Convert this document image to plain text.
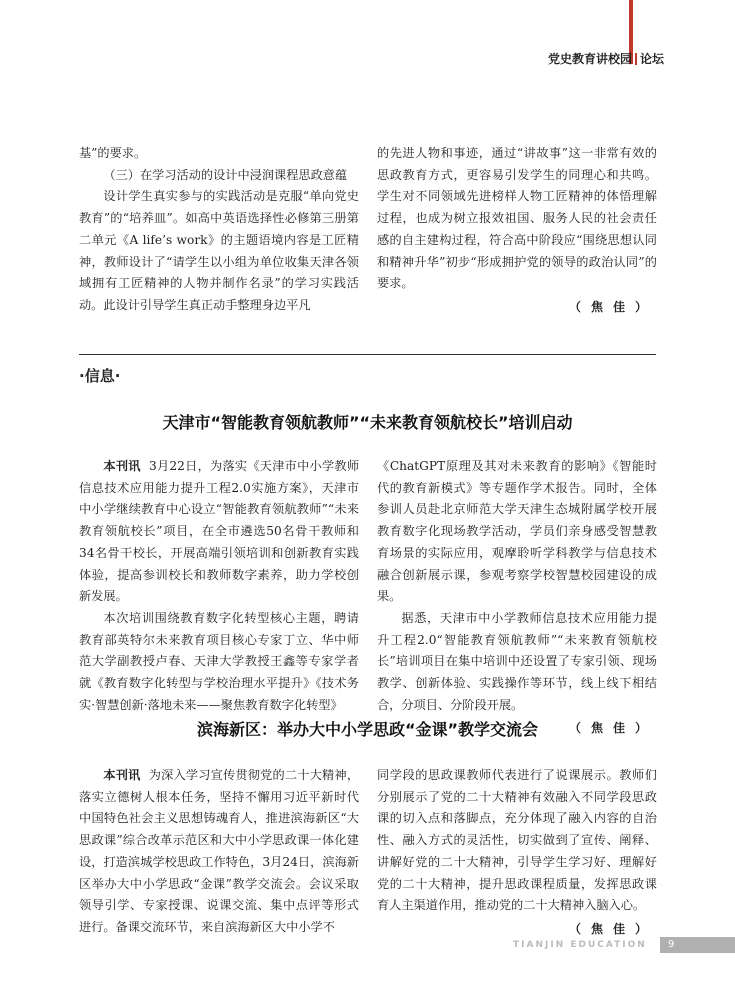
党史教育讲校园 论坛

基”的要求。

（三）在学习活动的设计中浸润课程思政意蕴

设计学生真实参与的实践活动是克服“单向党史教育”的“培养皿”。如高中英语选择性必修第三册第二单元《A life’s work》的主题语境内容是工匠精神，教师设计了“请学生以小组为单位收集天津各领域拥有工匠精神的人物并制作名录”的学习实践活动。此设计引导学生真正动手整理身边平凡

的先进人物和事迹，通过“讲故事”这一非常有效的思政教育方式，更容易引发学生的同理心和共鸣。学生对不同领域先进榜样人物工匠精神的体悟理解过程，也成为树立报效祖国、服务人民的社会责任感的自主建构过程，符合高中阶段应“围绕思想认同和精神升华”初步“形成拥护党的领导的政治认同”的要求。

（焦佳）

·信息·
天津市“智能教育领航教师”“未来教育领航校长”培训启动

本刊讯 3月22日，为落实《天津市中小学教师信息技术应用能力提升工程2.0实施方案》，天津市中小学继续教育中心设立“智能教育领航教师”“未来教育领航校长”项目，在全市遴选50名骨干教师和34名骨干校长，开展高端引领培训和创新教育实践体验，提高参训校长和教师数字素养，助力学校创新发展。

本次培训围绕教育数字化转型核心主题，聘请教育部英特尔未来教育项目核心专家丁立、华中师范大学副教授卢春、天津大学教授王鑫等专家学者就《教育数字化转型与学校治理水平提升》《技术务实·智慧创新·落地未来——聚焦教育数字化转型》

《ChatGPT原理及其对未来教育的影响》《智能时代的教育新模式》等专题作学术报告。同时，全体参训人员赴北京师范大学天津生态城附属学校开展教育数字化现场教学活动，学员们亲身感受智慧教育场景的实际应用，观摩聆听学科教学与信息技术融合创新展示课，参观考察学校智慧校园建设的成果。

据悉，天津市中小学教师信息技术应用能力提升工程2.0“智能教育领航教师”“未来教育领航校长”培训项目在集中培训中还设置了专家引领、现场教学、创新体验、实践操作等环节，线上线下相结合，分项目、分阶段开展。

（焦佳）

滨海新区：举办大中小学思政“金课”教学交流会

本刊讯 为深入学习宣传贯彻党的二十大精神，落实立德树人根本任务，坚持不懈用习近平新时代中国特色社会主义思想铸魂育人，推进滨海新区“大思政课”综合改革示范区和大中小学思政课一体化建设，打造滨城学校思政工作特色，3月24日，滨海新区举办大中小学思政“金课”教学交流会。会议采取领导引学、专家授课、说课交流、集中点评等形式进行。备课交流环节，来自滨海新区大中小学不

同学段的思政课教师代表进行了说课展示。教师们分别展示了党的二十大精神有效融入不同学段思政课的切入点和落脚点，充分体现了融入内容的自治性、融入方式的灵活性，切实做到了宣传、阐释、讲解好党的二十大精神，引导学生学习好、理解好党的二十大精神，提升思政课程质量，发挥思政课育人主渠道作用，推动党的二十大精神入脑入心。

（焦佳）

TIANJIN EDUCATION	9
